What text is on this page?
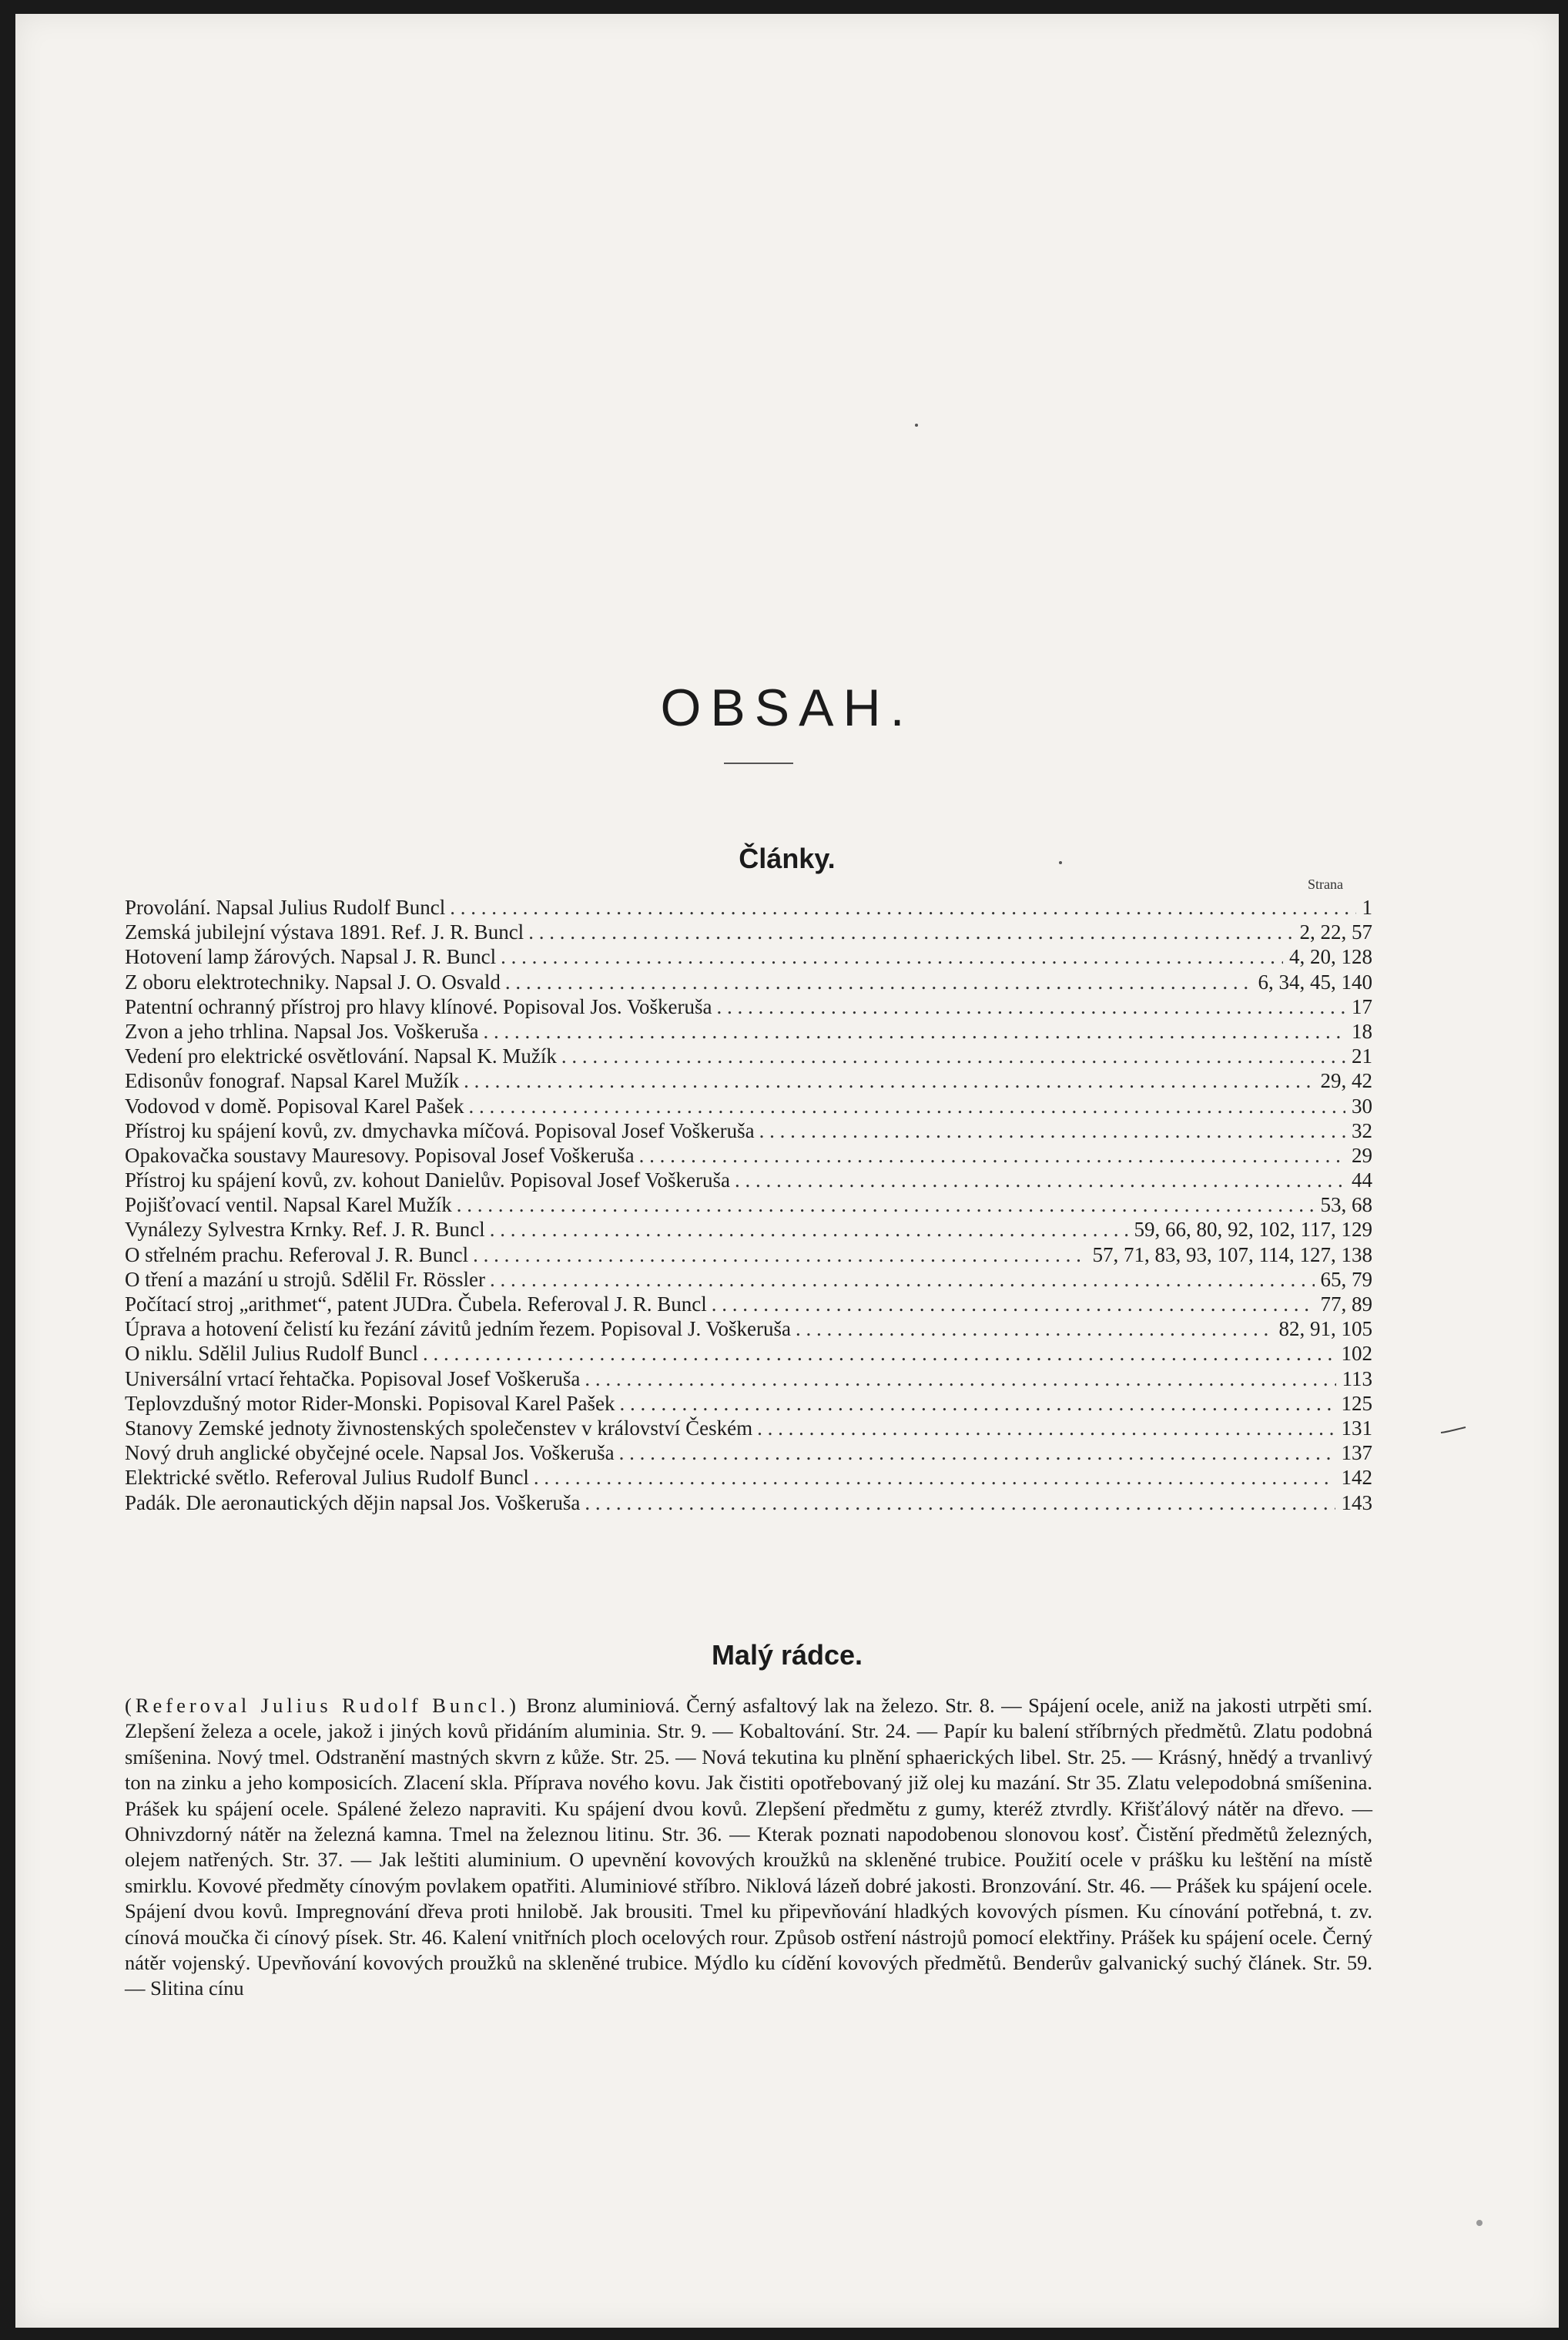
OBSAH.
Články.
Strana
Provolání. Napsal Julius Rudolf Buncl . . .	1
Zemská jubilejní výstava 1891. Ref. J. R. Buncl . . .	2, 22, 57
Hotovení lamp žárových. Napsal J. R. Buncl . . .	4, 20, 128
Z oboru elektrotechniky. Napsal J. O. Osvald . . .	6, 34, 45, 140
Patentní ochranný přístroj pro hlavy klínové. Popisoval Jos. Voškeruša . . .	17
Zvon a jeho trhlina. Napsal Jos. Voškeruša . . .	18
Vedení pro elektrické osvětlování. Napsal K. Mužík . . .	21
Edisonův fonograf. Napsal Karel Mužík . . .	29, 42
Vodovod v domě. Popisoval Karel Pašek . . .	30
Přístroj ku spájení kovů, zv. dmychavka míčová. Popisoval Josef Voškeruša . . .	32
Opakovačka soustavy Mauresovy. Popisoval Josef Voškeruša . . .	29
Přístroj ku spájení kovů, zv. kohout Danielův. Popisoval Josef Voškeruša . . .	44
Pojišťovací ventil. Napsal Karel Mužík . . .	53, 68
Vynálezy Sylvestra Krnky. Ref. J. R. Buncl . . .	59, 66, 80, 92, 102, 117, 129
O střelném prachu. Referoval J. R. Buncl . . .	57, 71, 83, 93, 107, 114, 127, 138
O tření a mazání u strojů. Sdělil Fr. Rössler . . .	65, 79
Počítací stroj „arithmet“, patent JUDra. Čubela. Referoval J. R. Buncl . . .	77, 89
Úprava a hotovení čelistí ku řezání závitů jedním řezem. Popisoval J. Voškeruša . . .	82, 91, 105
O niklu. Sdělil Julius Rudolf Buncl . . .	102
Universální vrtací řehtačka. Popisoval Josef Voškeruša . . .	113
Teplovzdušný motor Rider-Monski. Popisoval Karel Pašek . . .	125
Stanovy Zemské jednoty živnostenských společenstev v království Českém . . .	131
Nový druh anglické obyčejné ocele. Napsal Jos. Voškeruša . . .	137
Elektrické světlo. Referoval Julius Rudolf Buncl . . .	142
Padák. Dle aeronautických dějin napsal Jos. Voškeruša . . .	143
Malý rádce.

(Referoval Julius Rudolf Buncl.) Bronz aluminiová. Černý asfaltový lak na železo. Str. 8. — Spájení ocele, aniž na jakosti utrpěti smí. Zlepšení železa a ocele, jakož i jiných kovů přidáním aluminia. Str. 9. — Kobaltování. Str. 24. — Papír ku balení stříbrných předmětů. Zlatu podobná smíšenina. Nový tmel. Odstranění mastných skvrn z kůže. Str. 25. — Nová tekutina ku plnění sphaerických libel. Str. 25. — Krásný, hnědý a trvanlivý ton na zinku a jeho komposicích. Zlacení skla. Příprava nového kovu. Jak čistiti opotřebovaný již olej ku mazání. Str 35. Zlatu velepodobná smíšenina. Prášek ku spájení ocele. Spálené železo napraviti. Ku spájení dvou kovů. Zlepšení předmětu z gumy, kteréž ztvrdly. Křišťálový nátěr na dřevo. — Ohnivzdorný nátěr na železná kamna. Tmel na železnou litinu. Str. 36. — Kterak poznati napodobenou slonovou kosť. Čistění předmětů železných, olejem natřených. Str. 37. — Jak leštiti aluminium. O upevnění kovových kroužků na skleněné trubice. Použití ocele v prášku ku leštění na místě smirklu. Kovové předměty cínovým povlakem opatřiti. Aluminiové stříbro. Niklová lázeň dobré jakosti. Bronzování. Str. 46. — Prášek ku spájení ocele. Spájení dvou kovů. Impregnování dřeva proti hnilobě. Jak brousiti. Tmel ku připevňování hladkých kovových písmen. Ku cínování potřebná, t. zv. cínová moučka či cínový písek. Str. 46. Kalení vnitřních ploch ocelových rour. Způsob ostření nástrojů pomocí elektřiny. Prášek ku spájení ocele. Černý nátěr vojenský. Upevňování kovových proužků na skleněné trubice. Mýdlo ku cídění kovových předmětů. Benderův galvanický suchý článek. Str. 59. — Slitina cínu
